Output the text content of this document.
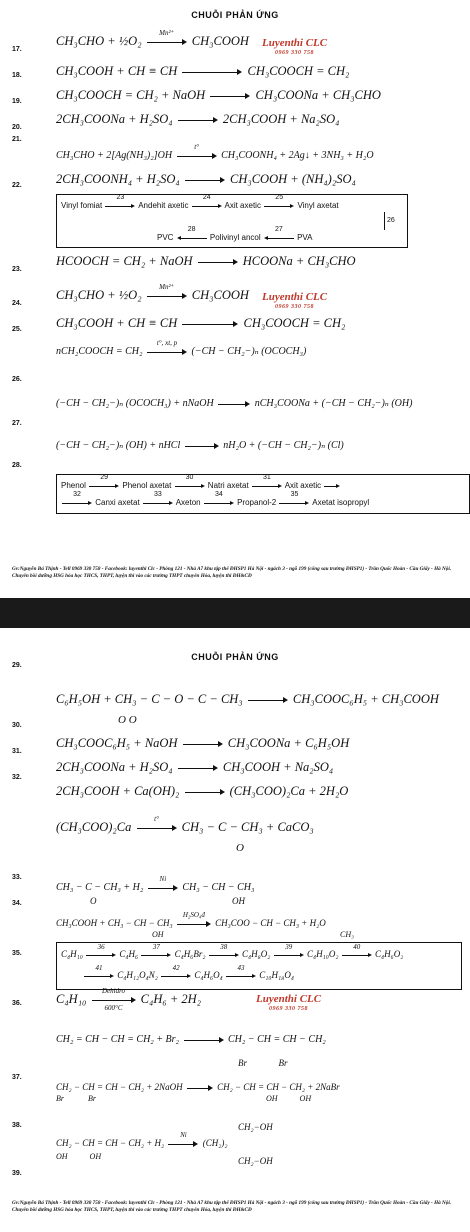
CHUỖI PHẢN ỨNG
17.
CH₃CHO + ½O₂
Mn²⁺
CH₃COOH Luyenthi CLC
0969 330 758
18.	CH₃COOH + CH ≡ CH	CH₃COOCH = CH₂
19.	CH₃COOCH = CH₂ + NaOH	CH₃COONa + CH₃CHO
20.
2CH₃COONa + H₂SO₄	2CH₃COOH + Na₂SO₄
21.
CH₃CHO + 2[Ag(NH₃)₂]OH
t°
CH₃COONH₄ + 2Ag↓ + 3NH₃ + H₂O
22.	2CH₃COONH₄ + H₂SO₄	CH₃COOH + (NH₄)₂SO₄
Vinyl fomiat
23
Andehit axetic
24
Axit axetic
25
Vinyl axetat
26
PVC
28
Polivinyl ancol
27
PVA
23.
HCOOCH = CH₂ + NaOH	HCOONa + CH₃CHO
24.
CH₃CHO + ½O₂
Mn²⁺
CH₃COOH Luyenthi CLC
0969 330 758
25.	CH₃COOH + CH ≡ CH	CH₃COOCH = CH₂
26.
nCH₂COOCH = CH₂
t°, xt, p
(−CH − CH₂−)ₙ (OCOCH₃)
27.
(−CH − CH₂−)ₙ (OCOCH₃) + nNaOH	nCH₃COONa + (−CH − CH₂−)ₙ (OH)
28.
(−CH − CH₂−)ₙ (OH) + nHCl	nH₂O + (−CH − CH₂−)ₙ (Cl)
Phenol
29
Phenol axetat
30
Natri axetat
31
Axit axetic
32
Canxi axetat
33
Axeton
34
Propanol-2
35
Axetat isopropyl
Gv:Nguyễn Bá Thịnh - Tell 0969 330 758 - Facebook: luyenthi Clc - Phòng 121 - Nhà A7 khu tập thể ĐHSP1 Hà Nội - ngách 3 - ngõ 199 (cổng sau trường ĐHSP1) - Trần Quốc Hoàn - Cầu Giấy - Hà Nội. Chuyên bồi dưỡng HSG hóa học THCS, THPT, luyện thi vào các trường THPT chuyên Hóa, luyện thi ĐH&CĐ
CHUỖI PHẢN ỨNG
29.
C₆H₅OH + CH₃ − C − O − C − CH₃	CH₃COOC₆H₅ + CH₃COOH
O O
30.
CH₃COOC₆H₅ + NaOH	CH₃COONa + C₆H₅OH
31.
2CH₃COONa + H₂SO₄	CH₃COOH + Na₂SO₄
32.
2CH₃COOH + Ca(OH)₂	(CH₃COO)₂Ca + 2H₂O
(CH₃COO)₂Ca
t°
CH₃ − C − CH₃ + CaCO₃
O
33.
CH₃ − C − CH₃ + H₂
Ni
CH₃ − CH − CH₃
O	OH
34.
CH₃COOH + CH₃ − CH − CH₃
H₂SO₄đ
CH₃COO − CH − CH₃ + H₂O
OH	CH₃
35.	C₄H₁₀
36
C₄H₆
37
C₄H₆Br₂
38
C₄H₈O₂
39
C₄H₁₀O₂
40
C₄H₆O₂
41
C₄H₁₂O₄N₂
42
C₄H₆O₄
43
C₁₀H₁₈O₄
36.	C₄H₁₀
Dehidro
600°C
C₄H₆ + 2H₂	Luyenthi CLC
0969 330 758
CH₂ = CH − CH = CH₂ + Br₂	CH₂ − CH = CH − CH₂
Br              Br
37.
CH₂ − CH = CH − CH₂ + 2NaOH	CH₂ − CH = CH − CH₂ + 2NaBr
Br            Br	OH           OH
38.	CH₂−OH
CH₂ − CH = CH − CH₂ + H₂
Ni
(CH₂)₂
OH           OH	CH₂−OH
39.
Gv:Nguyễn Bá Thịnh - Tell 0969 330 758 - Facebook: luyenthi Clc - Phòng 121 - Nhà A7 khu tập thể ĐHSP1 Hà Nội - ngách 3 - ngõ 199 (cổng sau trường ĐHSP1) - Trần Quốc Hoàn - Cầu Giấy - Hà Nội. Chuyên bồi dưỡng HSG hóa học THCS, THPT, luyện thi vào các trường THPT chuyên Hóa, luyện thi ĐH&CĐ
